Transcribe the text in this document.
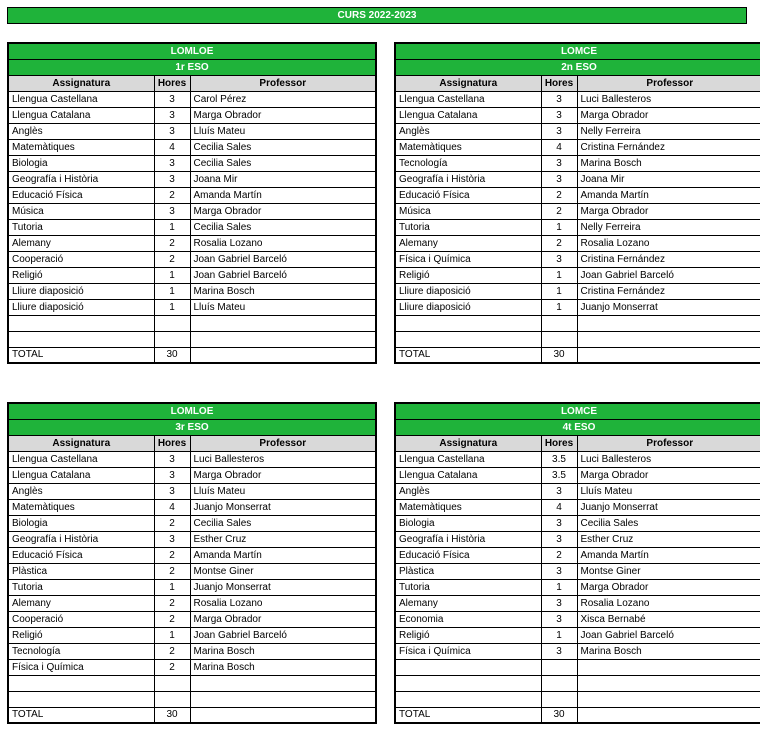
CURS 2022-2023
LOMLOE		
1r ESO		
Assignatura	Hores	Professor
Llengua Castellana	3	Carol Pérez
Llengua Catalana	3	Marga Obrador
Anglès	3	Lluís Mateu
Matemàtiques	4	Cecilia Sales
Biologia	3	Cecilia Sales
Geografía i Història	3	Joana Mir
Educació Física	2	Amanda Martín
Música	3	Marga Obrador
Tutoria	1	Cecilia Sales
Alemany	2	Rosalia Lozano
Cooperació	2	Joan Gabriel Barceló
Religió	1	Joan Gabriel Barceló
Lliure diaposició	1	Marina Bosch
Lliure diaposició	1	Lluís Mateu

TOTAL	30	
LOMCE		
2n ESO		
Assignatura	Hores	Professor
Llengua Castellana	3	Luci Ballesteros
Llengua Catalana	3	Marga Obrador
Anglès	3	Nelly Ferreira
Matemàtiques	4	Cristina Fernández
Tecnología	3	Marina Bosch
Geografía i Història	3	Joana Mir
Educació Física	2	Amanda Martín
Música	2	Marga Obrador
Tutoria	1	Nelly Ferreira
Alemany	2	Rosalia Lozano
Física i Química	3	Cristina Fernández
Religió	1	Joan Gabriel Barceló
Lliure diaposició	1	Cristina Fernández
Lliure diaposició	1	Juanjo Monserrat

TOTAL	30	
LOMLOE		
3r ESO		
Assignatura	Hores	Professor
Llengua Castellana	3	Luci Ballesteros
Llengua Catalana	3	Marga Obrador
Anglès	3	Lluís Mateu
Matemàtiques	4	Juanjo Monserrat
Biologia	2	Cecilia Sales
Geografía i Història	3	Esther Cruz
Educació Física	2	Amanda Martín
Plàstica	2	Montse Giner
Tutoria	1	Juanjo Monserrat
Alemany	2	Rosalia Lozano
Cooperació	2	Marga Obrador
Religió	1	Joan Gabriel Barceló
Tecnología	2	Marina Bosch
Física i Química	2	Marina Bosch

TOTAL	30	
LOMCE		
4t ESO		
Assignatura	Hores	Professor
Llengua Castellana	3.5	Luci Ballesteros
Llengua Catalana	3.5	Marga Obrador
Anglès	3	Lluís Mateu
Matemàtiques	4	Juanjo Monserrat
Biologia	3	Cecilia Sales
Geografía i Història	3	Esther Cruz
Educació Física	2	Amanda Martín
Plàstica	3	Montse Giner
Tutoria	1	Marga Obrador
Alemany	3	Rosalia Lozano
Economia	3	Xisca Bernabé
Religió	1	Joan Gabriel Barceló
Física i Química	3	Marina Bosch

TOTAL	30	
